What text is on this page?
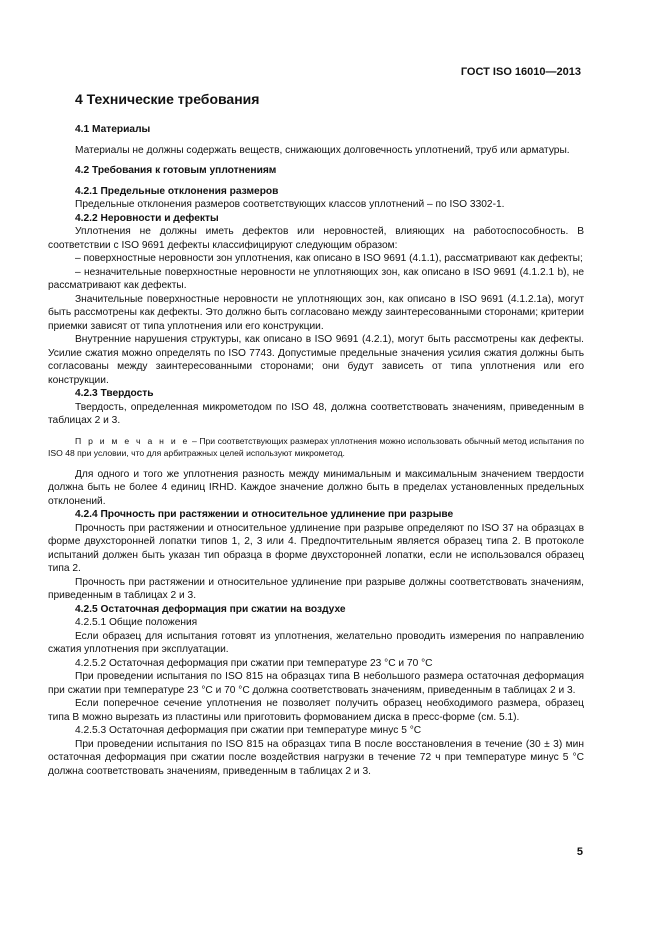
ГОСТ ISO 16010—2013
4 Технические требования
4.1 Материалы

Материалы не должны содержать веществ, снижающих долговечность уплотнений, труб или арматуры.

4.2 Требования к готовым уплотнениям
4.2.1 Предельные отклонения размеров

Предельные отклонения размеров соответствующих классов уплотнений – по ISO 3302-1.

4.2.2 Неровности и дефекты

Уплотнения не должны иметь дефектов или неровностей, влияющих на работоспособность. В соответствии с ISO 9691 дефекты классифицируют следующим образом:

– поверхностные неровности зон уплотнения, как описано в ISO 9691 (4.1.1), рассматривают как дефекты;

– незначительные поверхностные неровности не уплотняющих зон, как описано в ISO 9691 (4.1.2.1 b), не рассматривают как дефекты.

Значительные поверхностные неровности не уплотняющих зон, как описано в ISO 9691 (4.1.2.1a), могут быть рассмотрены как дефекты. Это должно быть согласовано между заинтересованными сторонами; критерии приемки зависят от типа уплотнения или его конструкции.

Внутренние нарушения структуры, как описано в ISO 9691 (4.2.1), могут быть рассмотрены как дефекты. Усилие сжатия можно определять по ISO 7743. Допустимые предельные значения усилия сжатия должны быть согласованы между заинтересованными сторонами; они будут зависеть от типа уплотнения или его конструкции.

4.2.3 Твердость

Твердость, определенная микрометодом по ISO 48, должна соответствовать значениям, приведенным в таблицах 2 и 3.

П р и м е ч а н и е – При соответствующих размерах уплотнения можно использовать обычный метод испытания по ISO 48 при условии, что для арбитражных целей используют микрометод.

Для одного и того же уплотнения разность между минимальным и максимальным значением твердости должна быть не более 4 единиц IRHD. Каждое значение должно быть в пределах установленных предельных отклонений.

4.2.4 Прочность при растяжении и относительное удлинение при разрыве

Прочность при растяжении и относительное удлинение при разрыве определяют по ISO 37 на образцах в форме двухсторонней лопатки типов 1, 2, 3 или 4. Предпочтительным является образец типа 2. В протоколе испытаний должен быть указан тип образца в форме двухсторонней лопатки, если не использовался образец типа 2.

Прочность при растяжении и относительное удлинение при разрыве должны соответствовать значениям, приведенным в таблицах 2 и 3.

4.2.5 Остаточная деформация при сжатии на воздухе
4.2.5.1 Общие положения

Если образец для испытания готовят из уплотнения, желательно проводить измерения по направлению сжатия уплотнения при эксплуатации.

4.2.5.2 Остаточная деформация при сжатии при температуре 23 °C и 70 °C

При проведении испытания по ISO 815 на образцах типа В небольшого размера остаточная деформация при сжатии при температуре 23 °C и 70 °C должна соответствовать значениям, приведенным в таблицах 2 и 3.

Если поперечное сечение уплотнения не позволяет получить образец необходимого размера, образец типа В можно вырезать из пластины или приготовить формованием диска в пресс-форме (см. 5.1).

4.2.5.3 Остаточная деформация при сжатии при температуре минус 5 °C

При проведении испытания по ISO 815 на образцах типа В после восстановления в течение (30 ± 3) мин остаточная деформация при сжатии после воздействия нагрузки в течение 72 ч при температуре минус 5 °C должна соответствовать значениям, приведенным в таблицах 2 и 3.

5
